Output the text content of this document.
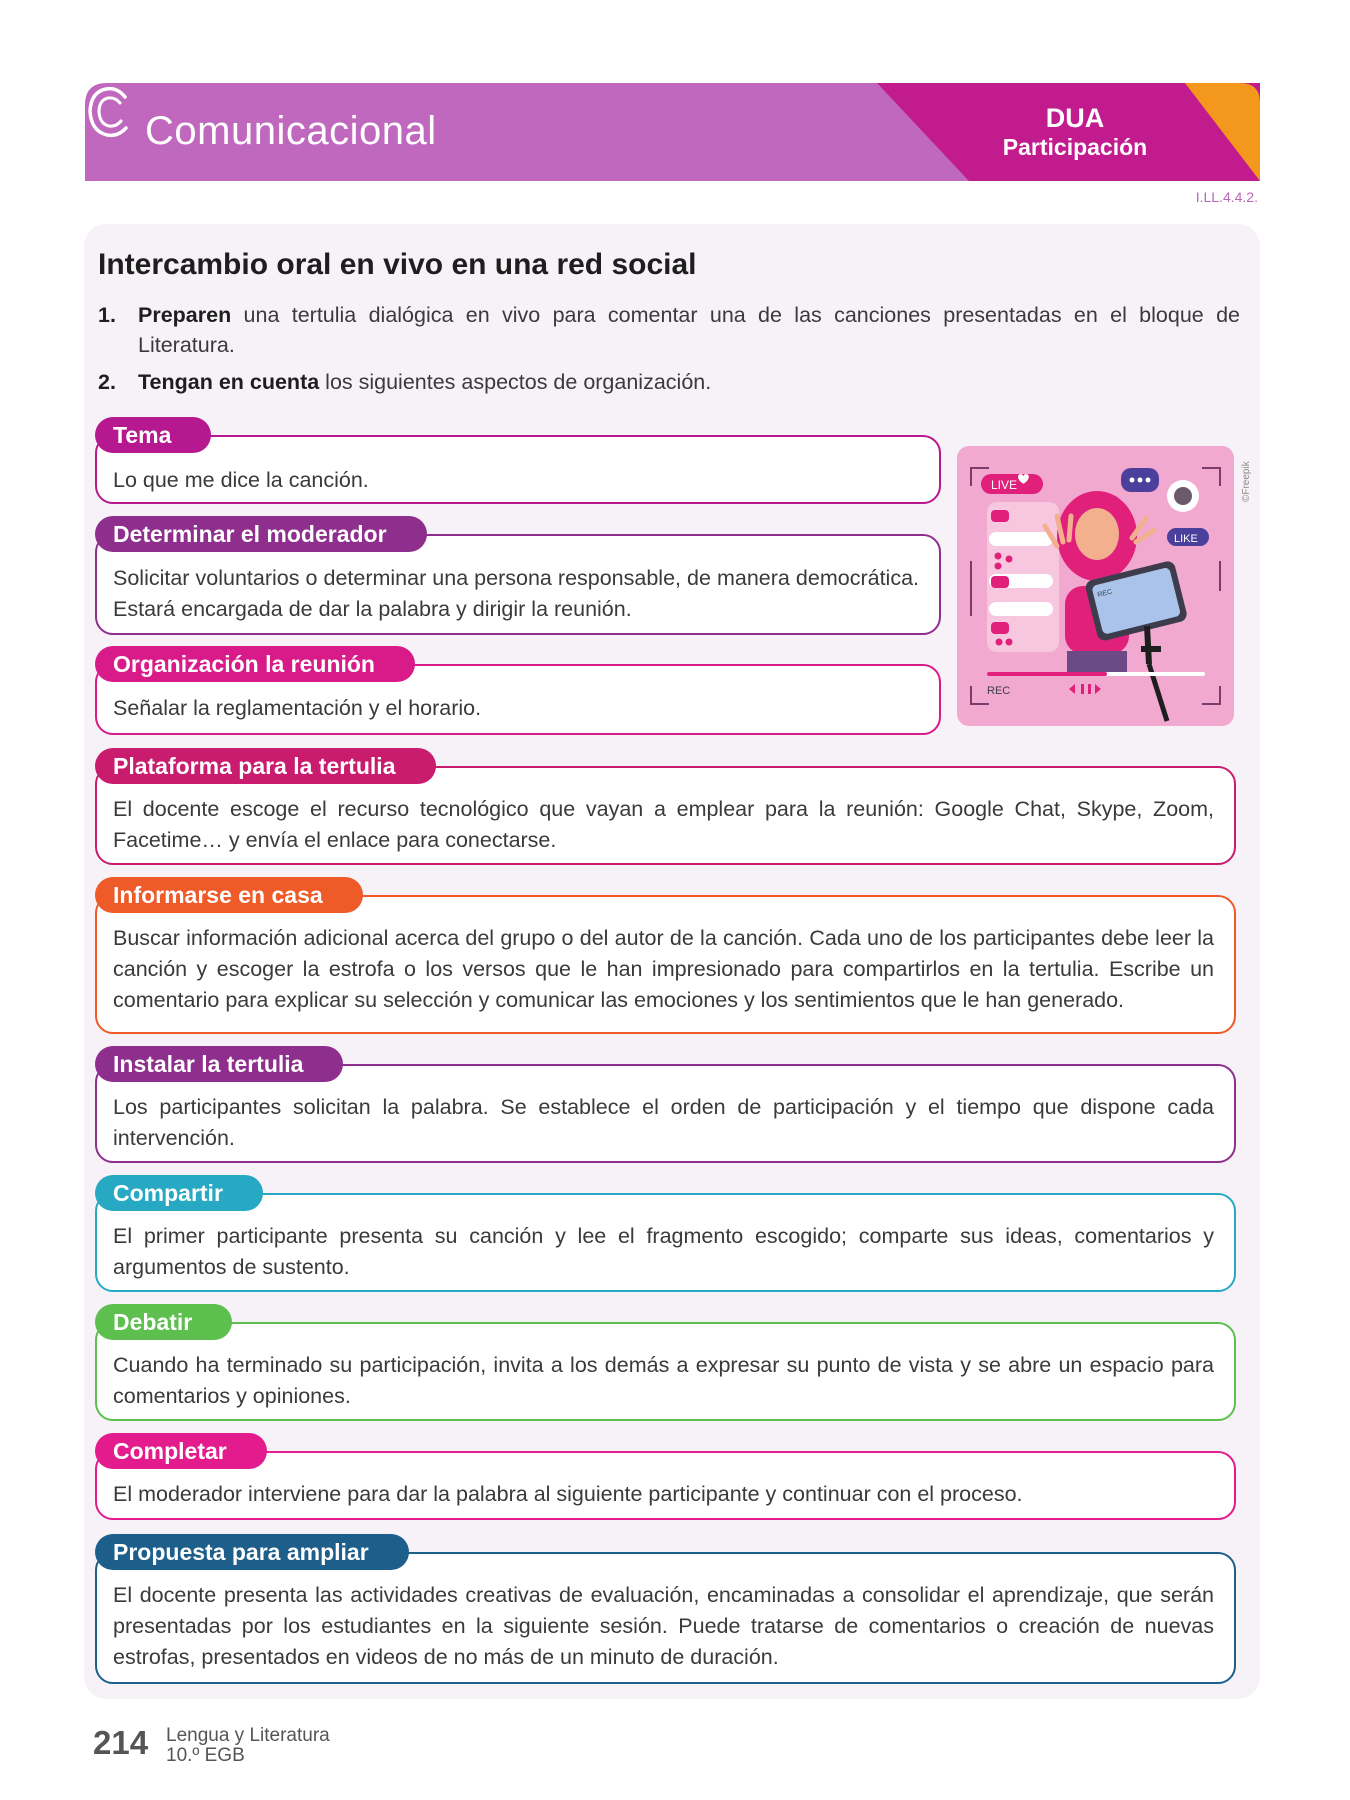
Comunicacional	DUA
Participación
I.LL.4.4.2.
Intercambio oral en vivo en una red social
1. Preparen una tertulia dialógica en vivo para comentar una de las canciones presentadas en el bloque de Literatura.
2. Tengan en cuenta los siguientes aspectos de organización.
Tema
Lo que me dice la canción.
Determinar el moderador
Solicitar voluntarios o determinar una persona responsable, de manera democrática. Estará encargada de dar la palabra y dirigir la reunión.
Organización la reunión
Señalar la reglamentación y el horario.
Plataforma para la tertulia
El docente escoge el recurso tecnológico que vayan a emplear para la reunión: Google Chat, Skype, Zoom, Facetime… y envía el enlace para conectarse.
Informarse en casa
Buscar información adicional acerca del grupo o del autor de la canción. Cada uno de los participantes debe leer la canción y escoger la estrofa o los versos que le han impresionado para compartirlos en la tertulia. Escribe un comentario para explicar su selección y comunicar las emociones y los sentimientos que le han generado.
Instalar la tertulia
Los participantes solicitan la palabra. Se establece el orden de participación y el tiempo que dispone cada intervención.
Compartir
El primer participante presenta su canción y lee el fragmento escogido; comparte sus ideas, comentarios y argumentos de sustento.
Debatir
Cuando ha terminado su participación, invita a los demás a expresar su punto de vista y se abre un espacio para comentarios y opiniones.
Completar
El moderador interviene para dar la palabra al siguiente participante y continuar con el proceso.
Propuesta para ampliar
El docente presenta las actividades creativas de evaluación, encaminadas a consolidar el aprendizaje, que serán presentadas por los estudiantes en la siguiente sesión. Puede tratarse de comentarios o creación de nuevas estrofas, presentados en videos de no más de un minuto de duración.
LIVE
LIKE
REC
REC
©Freepik
214 Lengua y Literatura
10.º EGB
